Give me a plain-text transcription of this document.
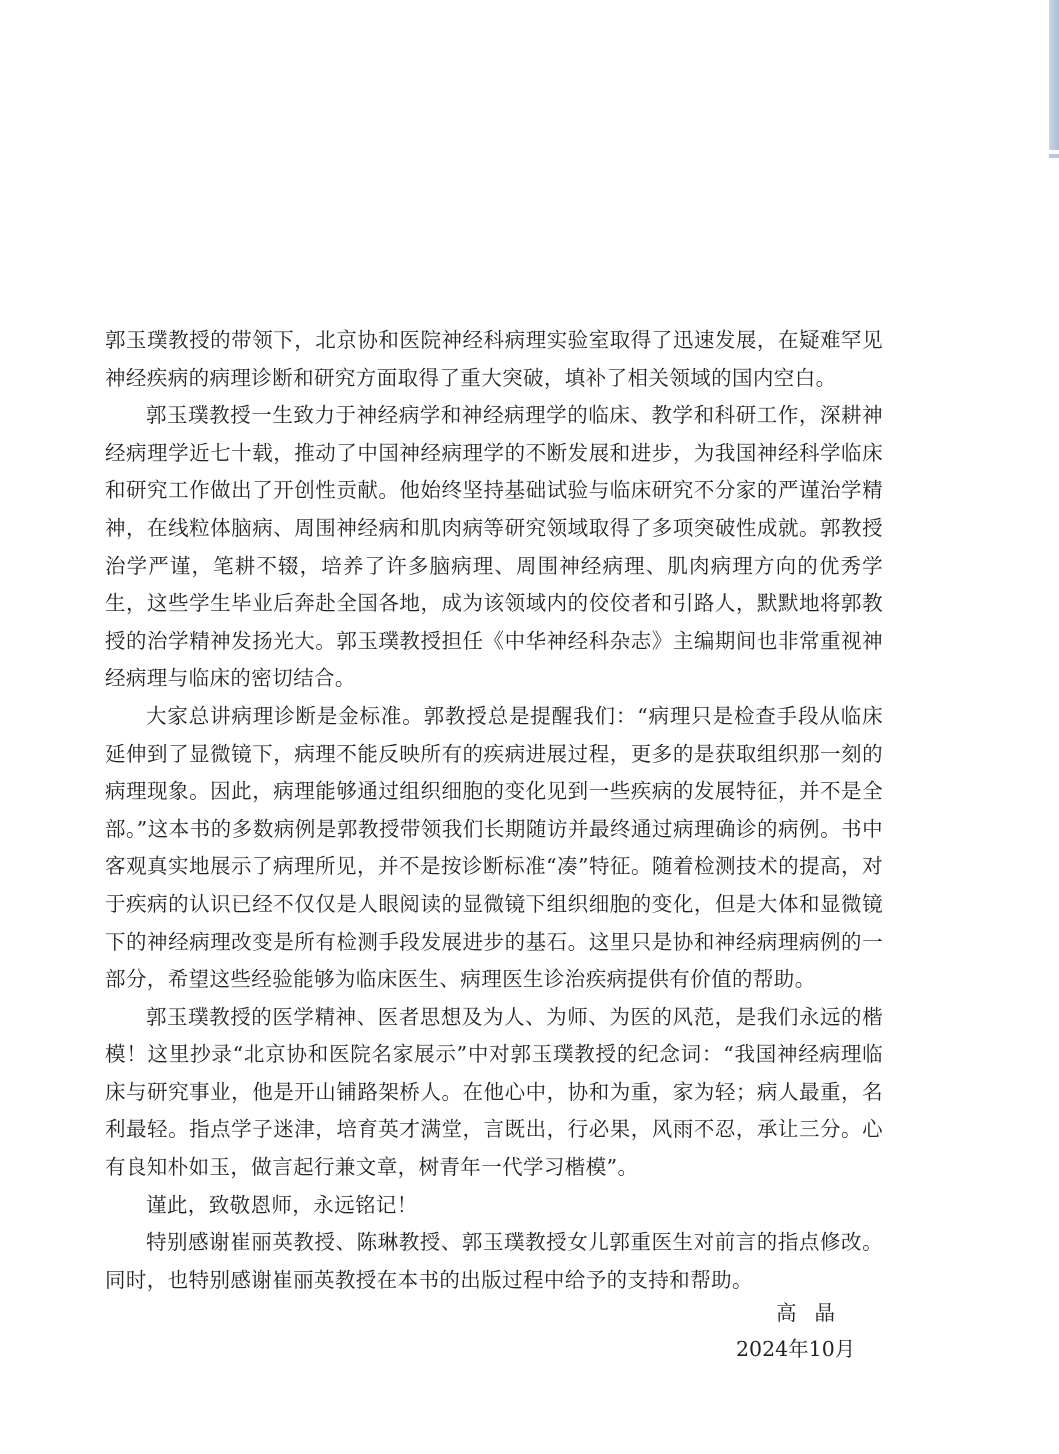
郭玉璞教授的带领下，北京协和医院神经科病理实验室取得了迅速发展，在疑难罕见神经疾病的病理诊断和研究方面取得了重大突破，填补了相关领域的国内空白。

郭玉璞教授一生致力于神经病学和神经病理学的临床、教学和科研工作，深耕神经病理学近七十载，推动了中国神经病理学的不断发展和进步，为我国神经科学临床和研究工作做出了开创性贡献。他始终坚持基础试验与临床研究不分家的严谨治学精神，在线粒体脑病、周围神经病和肌肉病等研究领域取得了多项突破性成就。郭教授治学严谨，笔耕不辍，培养了许多脑病理、周围神经病理、肌肉病理方向的优秀学生，这些学生毕业后奔赴全国各地，成为该领域内的佼佼者和引路人，默默地将郭教授的治学精神发扬光大。郭玉璞教授担任《中华神经科杂志》主编期间也非常重视神经病理与临床的密切结合。

大家总讲病理诊断是金标准。郭教授总是提醒我们：“病理只是检查手段从临床延伸到了显微镜下，病理不能反映所有的疾病进展过程，更多的是获取组织那一刻的病理现象。因此，病理能够通过组织细胞的变化见到一些疾病的发展特征，并不是全部。”这本书的多数病例是郭教授带领我们长期随访并最终通过病理确诊的病例。书中客观真实地展示了病理所见，并不是按诊断标准“凑”特征。随着检测技术的提高，对于疾病的认识已经不仅仅是人眼阅读的显微镜下组织细胞的变化，但是大体和显微镜下的神经病理改变是所有检测手段发展进步的基石。这里只是协和神经病理病例的一部分，希望这些经验能够为临床医生、病理医生诊治疾病提供有价值的帮助。

郭玉璞教授的医学精神、医者思想及为人、为师、为医的风范，是我们永远的楷模！这里抄录“北京协和医院名家展示”中对郭玉璞教授的纪念词：“我国神经病理临床与研究事业，他是开山铺路架桥人。在他心中，协和为重，家为轻；病人最重，名利最轻。指点学子迷津，培育英才满堂，言既出，行必果，风雨不忍，承让三分。心有良知朴如玉，做言起行兼文章，树青年一代学习楷模”。

谨此，致敬恩师，永远铭记！

特别感谢崔丽英教授、陈琳教授、郭玉璞教授女儿郭重医生对前言的指点修改。同时，也特别感谢崔丽英教授在本书的出版过程中给予的支持和帮助。

高晶
2024年10月
